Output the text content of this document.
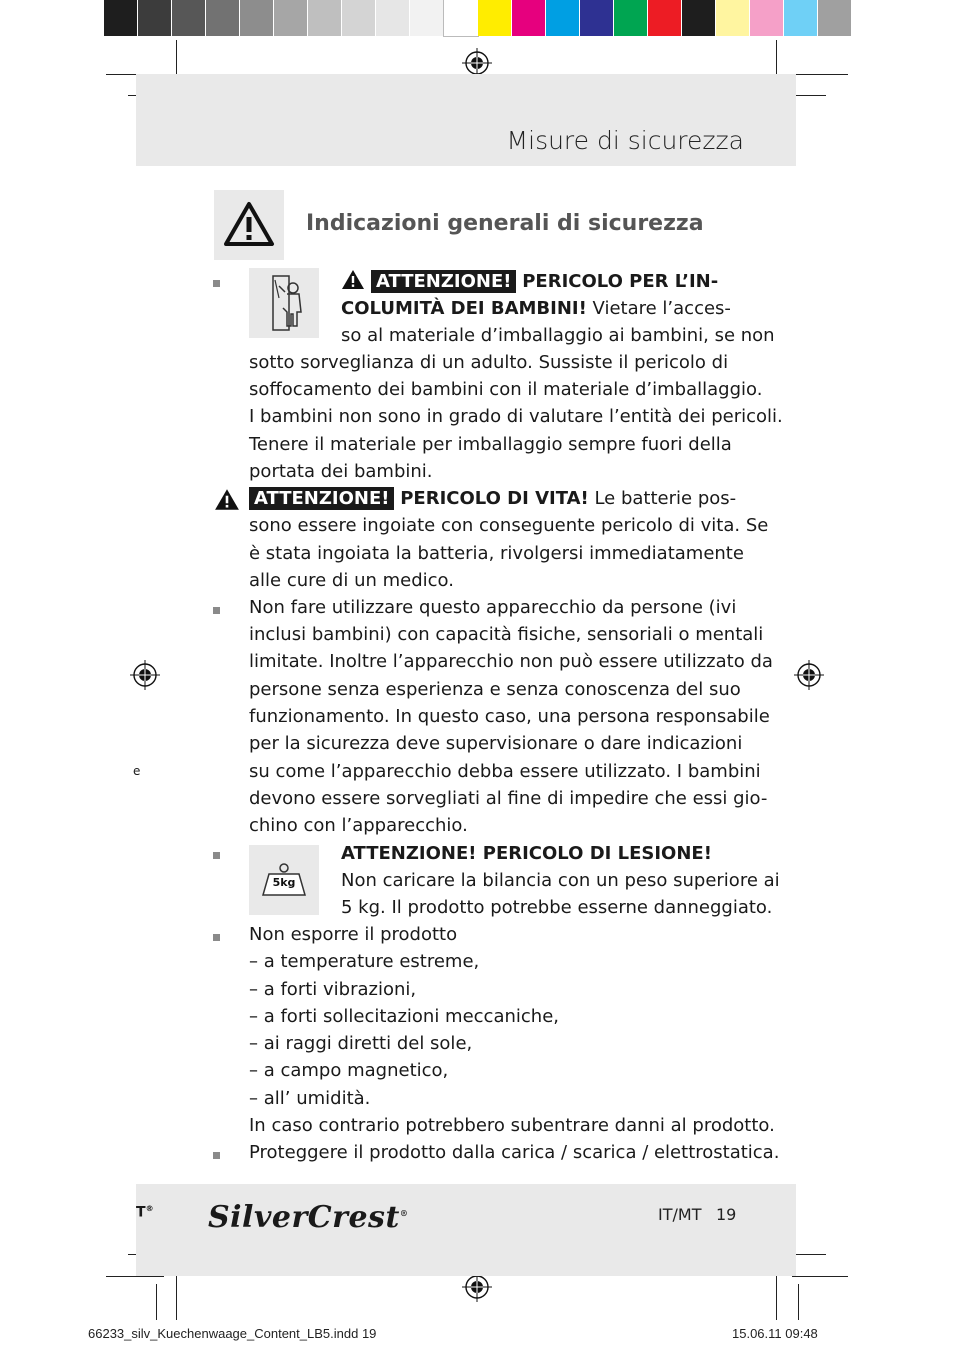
Misure di sicurezza
Indicazioni generali di sicurezza
ATTENZIONE! PERICOLO PER L’IN-
COLUMITÀ DEI BAMBINI! Vietare l’acces-
so al materiale d’imballaggio ai bambini, se non
sotto sorveglianza di un adulto. Sussiste il pericolo di
soffocamento dei bambini con il materiale d’imballaggio.
I bambini non sono in grado di valutare l’entità dei pericoli.
Tenere il materiale per imballaggio sempre fuori della
portata dei bambini.
ATTENZIONE! PERICOLO DI VITA! Le batterie pos-
sono essere ingoiate con conseguente pericolo di vita. Se
è stata ingoiata la batteria, rivolgersi immediatamente
alle cure di un medico.
Non fare utilizzare questo apparecchio da persone (ivi
inclusi bambini) con capacità fisiche, sensoriali o mentali
limitate. Inoltre l’apparecchio non può essere utilizzato da
persone senza esperienza e senza conoscenza del suo
funzionamento. In questo caso, una persona responsabile
per la sicurezza deve supervisionare o dare indicazioni
su come l’apparecchio debba essere utilizzato. I bambini
devono essere sorvegliati al fine di impedire che essi gio-
chino con l’apparecchio.
5kg
ATTENZIONE! PERICOLO DI LESIONE!
Non caricare la bilancia con un peso superiore ai
5 kg. Il prodotto potrebbe esserne danneggiato.
Non esporre il prodotto
– a temperature estreme,
– a forti vibrazioni,
– a forti sollecitazioni meccaniche,
– ai raggi diretti del sole,
– a campo magnetico,
– all’ umidità.
In caso contrario potrebbero subentrare danni al prodotto.
Proteggere il prodotto dalla carica / scarica / elettrostatica.
e
T® SilverCrest®	IT/MT 19
66233_silv_Kuechenwaage_Content_LB5.indd 19	15.06.11 09:48
